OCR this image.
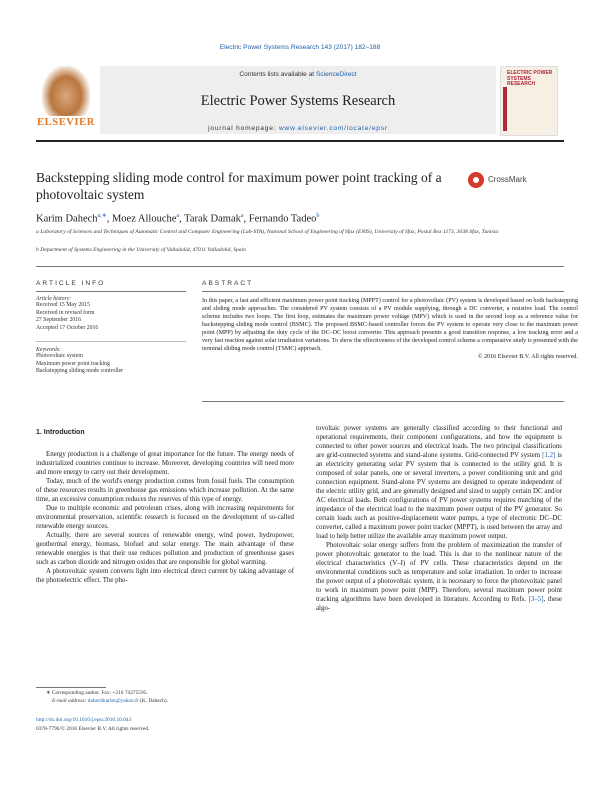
Electric Power Systems Research 143 (2017) 182–188
ELSEVIER
Contents lists available at ScienceDirect
Electric Power Systems Research
journal homepage: www.elsevier.com/locate/epsr
ELECTRIC POWER SYSTEMS RESEARCH
Backstepping sliding mode control for maximum power point tracking of a photovoltaic system
CrossMark
Karim Dahech$^{a,∗}$, Moez Allouche$^a$, Tarak Damak$^a$, Fernando Tadeo$^b$
a Laboratory of Sciences and Techniques of Automatic Control and Computer Engineering (Lab-STA), National School of Engineering of Sfax (ENIS), University of Sfax, Postal Box 1173, 3038 Sfax, Tunisia
b Department of Systems Engineering in the University of Valladolid, 47011 Valladolid, Spain
ARTICLE INFO
Article history:
Received 15 May 2015
Received in revised form
27 September 2016
Accepted 17 October 2016
Keywords:
Photovoltaic system
Maximum power point tracking
Backstepping sliding mode controller
ABSTRACT
In this paper, a fast and efficient maximum power point tracking (MPPT) control for a photovoltaic (PV) system is developed based on both backstepping and sliding mode approaches. The considered PV system consists of a PV module supplying, through a DC converter, a resistive load. The control scheme includes two loops. The first loop, estimates the maximum power voltage (MPV) which is used in the second loop as a reference value for backstepping sliding mode control (BSMC). The proposed BSMC-based controller forces the PV system to operate very close to the maximum power point (MPP) by adjusting the duty cycle of the DC–DC boost converter. This approach presents a good transition response, a low tracking error and a very fast reaction against solar irradiation variations. To show the effectiveness of the developed control scheme a comparative study is presented with the terminal sliding mode control (TSMC) approach.
© 2016 Elsevier B.V. All rights reserved.
1. Introduction

Energy production is a challenge of great importance for the future. The energy needs of industrialized countries continue to increase. Moreover, developing countries will need more and more energy to carry out their development.

Today, much of the world's energy production comes from fossil fuels. The consumption of these resources results in greenhouse gas emissions which increase pollution. At the same time, an excessive consumption reduces the reserves of this type of energy.

Due to multiple economic and petroleum crises, along with increasing requirements for environmental preservation, scientific research is focused on the development of so-called renewable energy sources.

Actually, there are several sources of renewable energy, wind power, hydropower, geothermal energy, biomass, biofuel and solar energy. The main advantage of these renewable energies is that their use reduces pollution and production of greenhouse gases such as carbon dioxide and nitrogen oxides that are responsible for global warming.

A photovoltaic system converts light into electrical direct current by taking advantage of the photoelectric effect. The pho-

tovoltaic power systems are generally classified according to their functional and operational requirements, their component configurations, and how the equipment is connected to other power sources and electrical loads. The two principal classifications are grid-connected systems and stand-alone systems. Grid-connected PV system [1,2] is an electricity generating solar PV system that is connected to the utility grid. It is composed of solar panels, one or several inverters, a power conditioning unit and grid connection equipment. Stand-alone PV systems are designed to operate independent of the electric utility grid, and are generally designed and sized to supply certain DC and/or AC electrical loads. Both configurations of PV power systems requires matching of the impedance of the electrical load to the maximum power output of the PV generator. So certain loads such as positive-displacement water pumps, a type of electronic DC–DC converter, called a maximum power point tracker (MPPT), is used between the array and load to help better utilize the available array maximum power output.

Photovoltaic solar energy suffers from the problem of maximization the transfer of power photovoltaic generator to the load. This is due to the nonlinear nature of the electrical characteristics (V–I) of PV cells. These characteristics depend on the environmental conditions such as temperature and solar irradiation. In order to increase the power output of a photovoltaic system, it is necessary to force the photovoltaic panel to work in maximum power point (MPP). Therefore, several maximum power point tracking algorithms have been developed in literature. According to Refs. [3–5], these algo-

∗ Corresponding author. Fax: +216 74275595.
E-mail address: dahechkarim@yahoo.fr (K. Dahech).
http://dx.doi.org/10.1016/j.epsr.2016.10.043
0378-7796/© 2016 Elsevier B.V. All rights reserved.
